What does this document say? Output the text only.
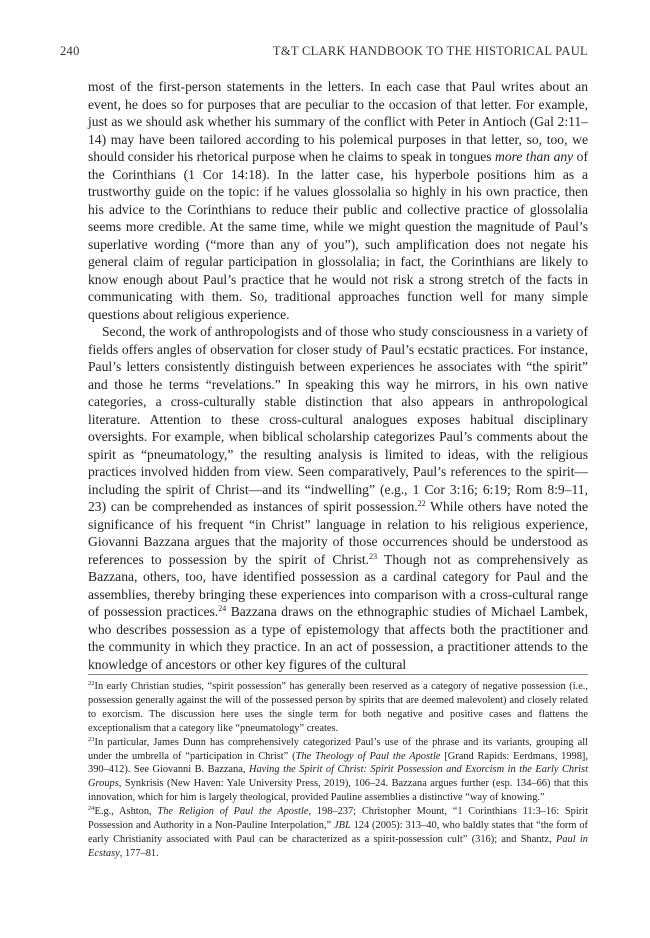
240	T&T CLARK HANDBOOK TO THE HISTORICAL PAUL

most of the first-person statements in the letters. In each case that Paul writes about an event, he does so for purposes that are peculiar to the occasion of that letter. For example, just as we should ask whether his summary of the conflict with Peter in Antioch (Gal 2:11–14) may have been tailored according to his polemical purposes in that letter, so, too, we should consider his rhetorical purpose when he claims to speak in tongues more than any of the Corinthians (1 Cor 14:18). In the latter case, his hyperbole positions him as a trustworthy guide on the topic: if he values glossolalia so highly in his own practice, then his advice to the Corinthians to reduce their public and collective practice of glossolalia seems more credible. At the same time, while we might question the magnitude of Paul’s superlative wording (“more than any of you”), such amplification does not negate his general claim of regular participation in glossolalia; in fact, the Corinthians are likely to know enough about Paul’s practice that he would not risk a strong stretch of the facts in communicating with them. So, traditional approaches function well for many simple questions about religious experience.

Second, the work of anthropologists and of those who study consciousness in a variety of fields offers angles of observation for closer study of Paul’s ecstatic practices. For instance, Paul’s letters consistently distinguish between experiences he associates with “the spirit” and those he terms “revelations.” In speaking this way he mirrors, in his own native categories, a cross-culturally stable distinction that also appears in anthropological literature. Attention to these cross-cultural analogues exposes habitual disciplinary oversights. For example, when biblical scholarship categorizes Paul’s comments about the spirit as “pneumatology,” the resulting analysis is limited to ideas, with the religious practices involved hidden from view. Seen comparatively, Paul’s references to the spirit—including the spirit of Christ—and its “indwelling” (e.g., 1 Cor 3:16; 6:19; Rom 8:9–11, 23) can be comprehended as instances of spirit possession.$^{22}$ While others have noted the significance of his frequent “in Christ” language in relation to his religious experience, Giovanni Bazzana argues that the majority of those occurrences should be understood as references to possession by the spirit of Christ.$^{23}$ Though not as comprehensively as Bazzana, others, too, have identified possession as a cardinal category for Paul and the assemblies, thereby bringing these experiences into comparison with a cross-cultural range of possession practices.$^{24}$ Bazzana draws on the ethnographic studies of Michael Lambek, who describes possession as a type of epistemology that affects both the practitioner and the community in which they practice. In an act of possession, a practitioner attends to the knowledge of ancestors or other key figures of the cultural

$^{22}$In early Christian studies, “spirit possession” has generally been reserved as a category of negative possession (i.e., possession generally against the will of the possessed person by spirits that are deemed malevolent) and closely related to exorcism. The discussion here uses the single term for both negative and positive cases and flattens the exceptionalism that a category like “pneumatology” creates.

$^{23}$In particular, James Dunn has comprehensively categorized Paul’s use of the phrase and its variants, grouping all under the umbrella of “participation in Christ” (The Theology of Paul the Apostle [Grand Rapids: Eerdmans, 1998], 390–412). See Giovanni B. Bazzana, Having the Spirit of Christ: Spirit Possession and Exorcism in the Early Christ Groups, Synkrisis (New Haven: Yale University Press, 2019), 106–24. Bazzana argues further (esp. 134–66) that this innovation, which for him is largely theological, provided Pauline assemblies a distinctive “way of knowing.”

$^{24}$E.g., Ashton, The Religion of Paul the Apostle, 198–237; Christopher Mount, “1 Corinthians 11:3–16: Spirit Possession and Authority in a Non-Pauline Interpolation,” JBL 124 (2005): 313–40, who baldly states that “the form of early Christianity associated with Paul can be characterized as a spirit-possession cult” (316); and Shantz, Paul in Ecstasy, 177–81.
